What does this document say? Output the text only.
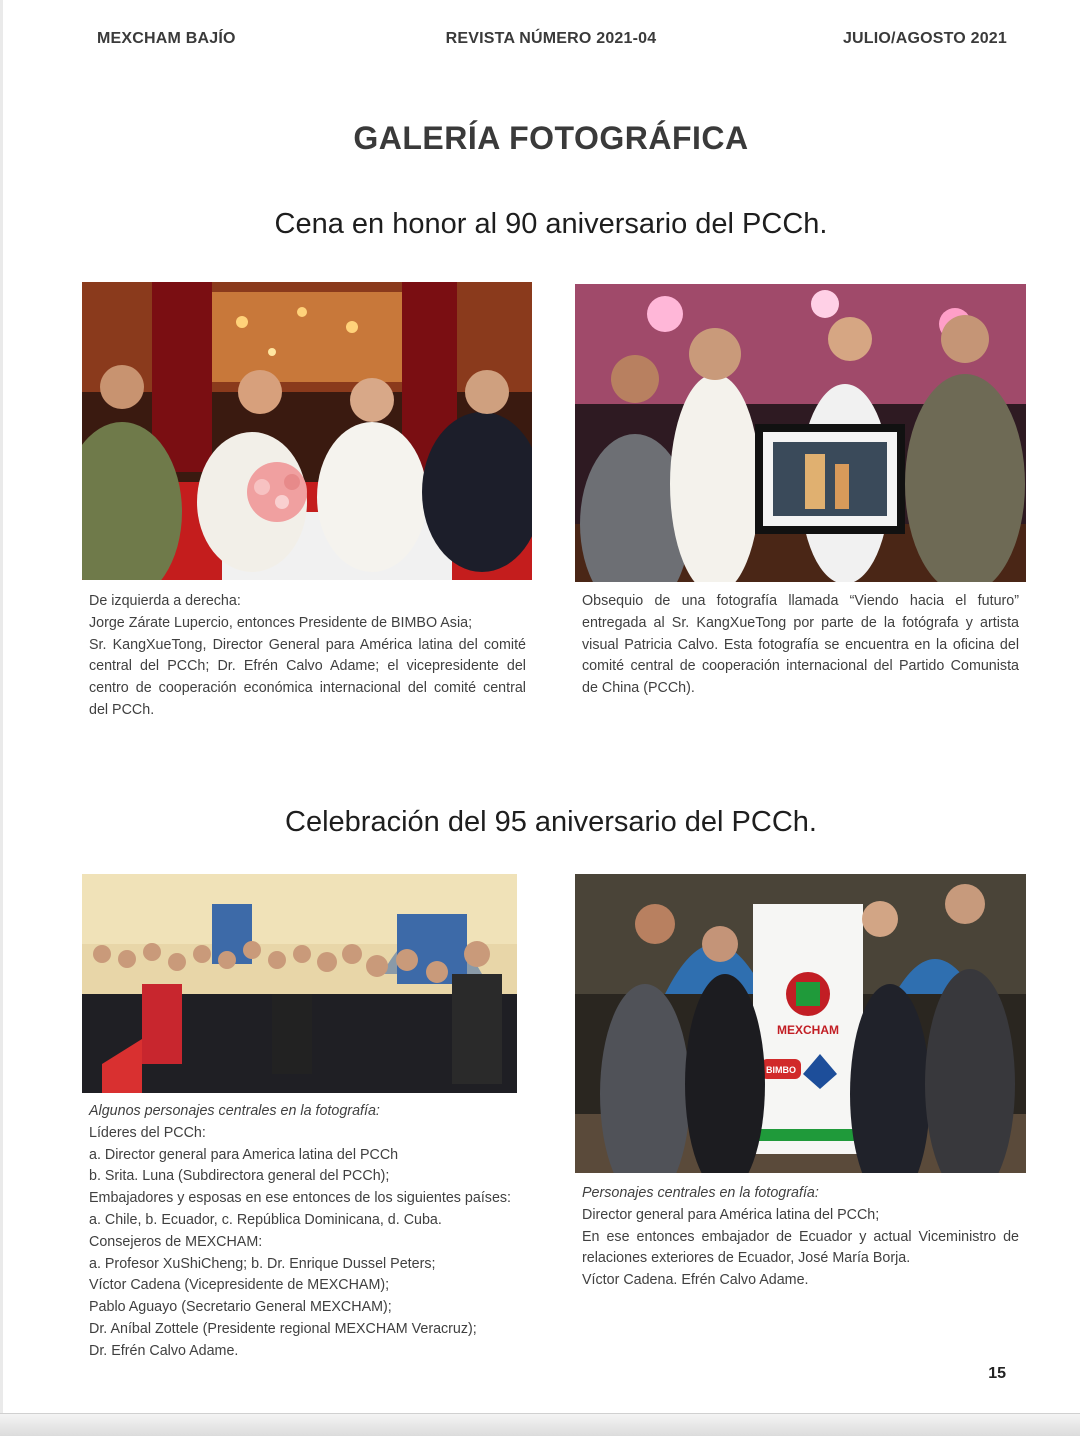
MEXCHAM BAJÍO	REVISTA NÚMERO 2021-04	JULIO/AGOSTO 2021
GALERÍA FOTOGRÁFICA
Cena en honor al 90 aniversario del PCCh.
De izquierda a derecha:
Jorge Zárate Lupercio, entonces Presidente de BIMBO Asia;
Sr. KangXueTong, Director General para América latina del comité central del PCCh; Dr. Efrén Calvo Adame; el vicepresidente del centro de cooperación económica internacional del comité central del PCCh.
Obsequio de una fotografía llamada “Viendo hacia el futuro” entregada al Sr. KangXueTong por parte de la fotógrafa y artista visual Patricia Calvo. Esta fotografía se encuentra en la oficina del comité central de cooperación internacional del Partido Comunista de China (PCCh).
Celebración del 95 aniversario del PCCh.
MEXCHAM
BIMBO
Algunos personajes centrales en la fotografía:
Líderes del PCCh:
a. Director general para America latina del PCCh
b. Srita. Luna (Subdirectora general del PCCh);
Embajadores y esposas en ese entonces de los siguientes países:
a. Chile, b. Ecuador, c. República Dominicana, d. Cuba.
Consejeros de MEXCHAM:
a. Profesor XuShiCheng; b. Dr. Enrique Dussel Peters;
Víctor Cadena (Vicepresidente de MEXCHAM);
Pablo Aguayo (Secretario General MEXCHAM);
Dr. Aníbal Zottele (Presidente regional MEXCHAM Veracruz);
Dr. Efrén Calvo Adame.
Personajes centrales en la fotografía:
Director general para América latina del PCCh;
En ese entonces embajador de Ecuador y actual Viceministro de relaciones exteriores de Ecuador, José María Borja.
Víctor Cadena. Efrén Calvo Adame.
15
